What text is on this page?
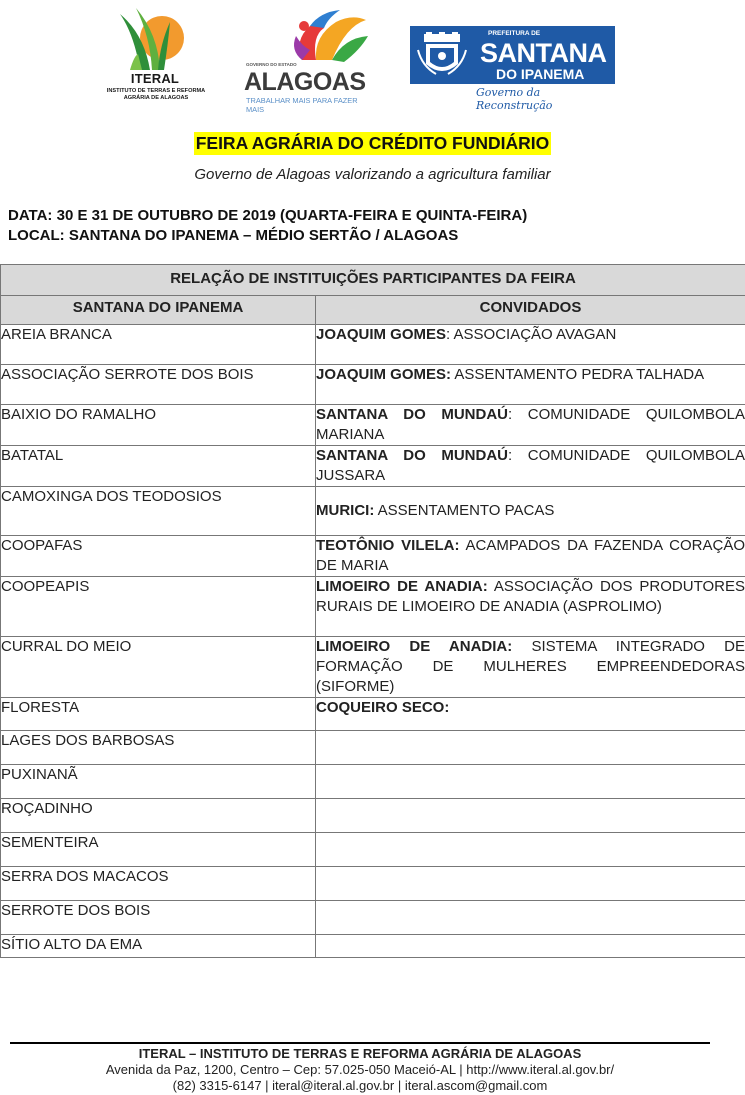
ITERAL
INSTITUTO DE TERRAS E REFORMA AGRÁRIA DE ALAGOAS
GOVERNO DO ESTADO
ALAGOAS
TRABALHAR MAIS PARA FAZER MAIS
PREFEITURA DE
SANTANA
DO IPANEMA
Governo da Reconstrução
FEIRA AGRÁRIA DO CRÉDITO FUNDIÁRIO
Governo de Alagoas valorizando a agricultura familiar
DATA: 30 E 31 DE OUTUBRO DE 2019 (QUARTA-FEIRA E QUINTA-FEIRA)
LOCAL: SANTANA DO IPANEMA – MÉDIO SERTÃO / ALAGOAS
RELAÇÃO DE INSTITUIÇÕES PARTICIPANTES DA FEIRA	
SANTANA DO IPANEMA	CONVIDADOS
AREIA BRANCA	JOAQUIM GOMES: ASSOCIAÇÃO AVAGAN
ASSOCIAÇÃO SERROTE DOS BOIS	JOAQUIM GOMES: ASSENTAMENTO PEDRA TALHADA
BAIXIO DO RAMALHO	SANTANA DO MUNDAÚ: COMUNIDADE QUILOMBOLA MARIANA
BATATAL	SANTANA DO MUNDAÚ: COMUNIDADE QUILOMBOLA JUSSARA
CAMOXINGA DOS TEODOSIOS	MURICI: ASSENTAMENTO PACAS
COOPAFAS	TEOTÔNIO VILELA: ACAMPADOS DA FAZENDA CORAÇÃO DE MARIA
COOPEAPIS	LIMOEIRO DE ANADIA: ASSOCIAÇÃO DOS PRODUTORES RURAIS DE LIMOEIRO DE ANADIA (ASPROLIMO)
CURRAL DO MEIO	LIMOEIRO DE ANADIA: SISTEMA INTEGRADO DE FORMAÇÃO DE MULHERES EMPREENDEDORAS (SIFORME)
FLORESTA	COQUEIRO SECO:
LAGES DOS BARBOSAS	
PUXINANÃ	
ROÇADINHO	
SEMENTEIRA	
SERRA DOS MACACOS	
SERROTE DOS BOIS	
SÍTIO ALTO DA EMA	
ITERAL – INSTITUTO DE TERRAS E REFORMA AGRÁRIA DE ALAGOAS
Avenida da Paz, 1200, Centro – Cep: 57.025-050 Maceió-AL | http://www.iteral.al.gov.br/
(82) 3315-6147 | iteral@iteral.al.gov.br | iteral.ascom@gmail.com
